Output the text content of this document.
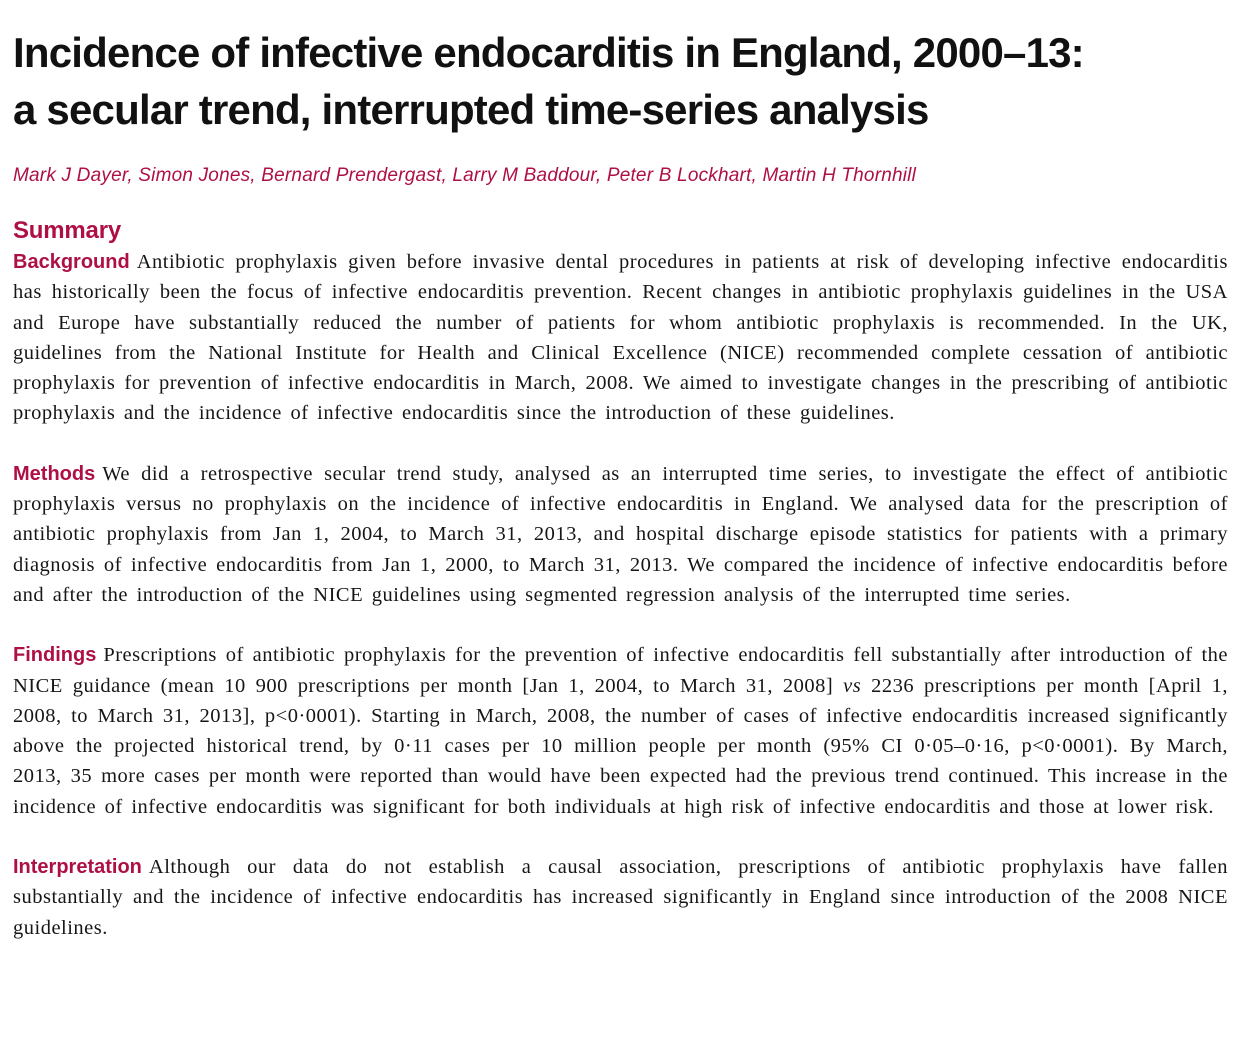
Incidence of infective endocarditis in England, 2000–13:
a secular trend, interrupted time-series analysis
Mark J Dayer, Simon Jones, Bernard Prendergast, Larry M Baddour, Peter B Lockhart, Martin H Thornhill
Summary

Background Antibiotic prophylaxis given before invasive dental procedures in patients at risk of developing infective endocarditis has historically been the focus of infective endocarditis prevention. Recent changes in antibiotic prophylaxis guidelines in the USA and Europe have substantially reduced the number of patients for whom antibiotic prophylaxis is recommended. In the UK, guidelines from the National Institute for Health and Clinical Excellence (NICE) recommended complete cessation of antibiotic prophylaxis for prevention of infective endocarditis in March, 2008. We aimed to investigate changes in the prescribing of antibiotic prophylaxis and the incidence of infective endocarditis since the introduction of these guidelines.

Methods We did a retrospective secular trend study, analysed as an interrupted time series, to investigate the effect of antibiotic prophylaxis versus no prophylaxis on the incidence of infective endocarditis in England. We analysed data for the prescription of antibiotic prophylaxis from Jan 1, 2004, to March 31, 2013, and hospital discharge episode statistics for patients with a primary diagnosis of infective endocarditis from Jan 1, 2000, to March 31, 2013. We compared the incidence of infective endocarditis before and after the introduction of the NICE guidelines using segmented regression analysis of the interrupted time series.

Findings Prescriptions of antibiotic prophylaxis for the prevention of infective endocarditis fell substantially after introduction of the NICE guidance (mean 10 900 prescriptions per month [Jan 1, 2004, to March 31, 2008] vs 2236 prescriptions per month [April 1, 2008, to March 31, 2013], p<0·0001). Starting in March, 2008, the number of cases of infective endocarditis increased significantly above the projected historical trend, by 0·11 cases per 10 million people per month (95% CI 0·05–0·16, p<0·0001). By March, 2013, 35 more cases per month were reported than would have been expected had the previous trend continued. This increase in the incidence of infective endocarditis was significant for both individuals at high risk of infective endocarditis and those at lower risk.

Interpretation Although our data do not establish a causal association, prescriptions of antibiotic prophylaxis have fallen substantially and the incidence of infective endocarditis has increased significantly in England since introduction of the 2008 NICE guidelines.
